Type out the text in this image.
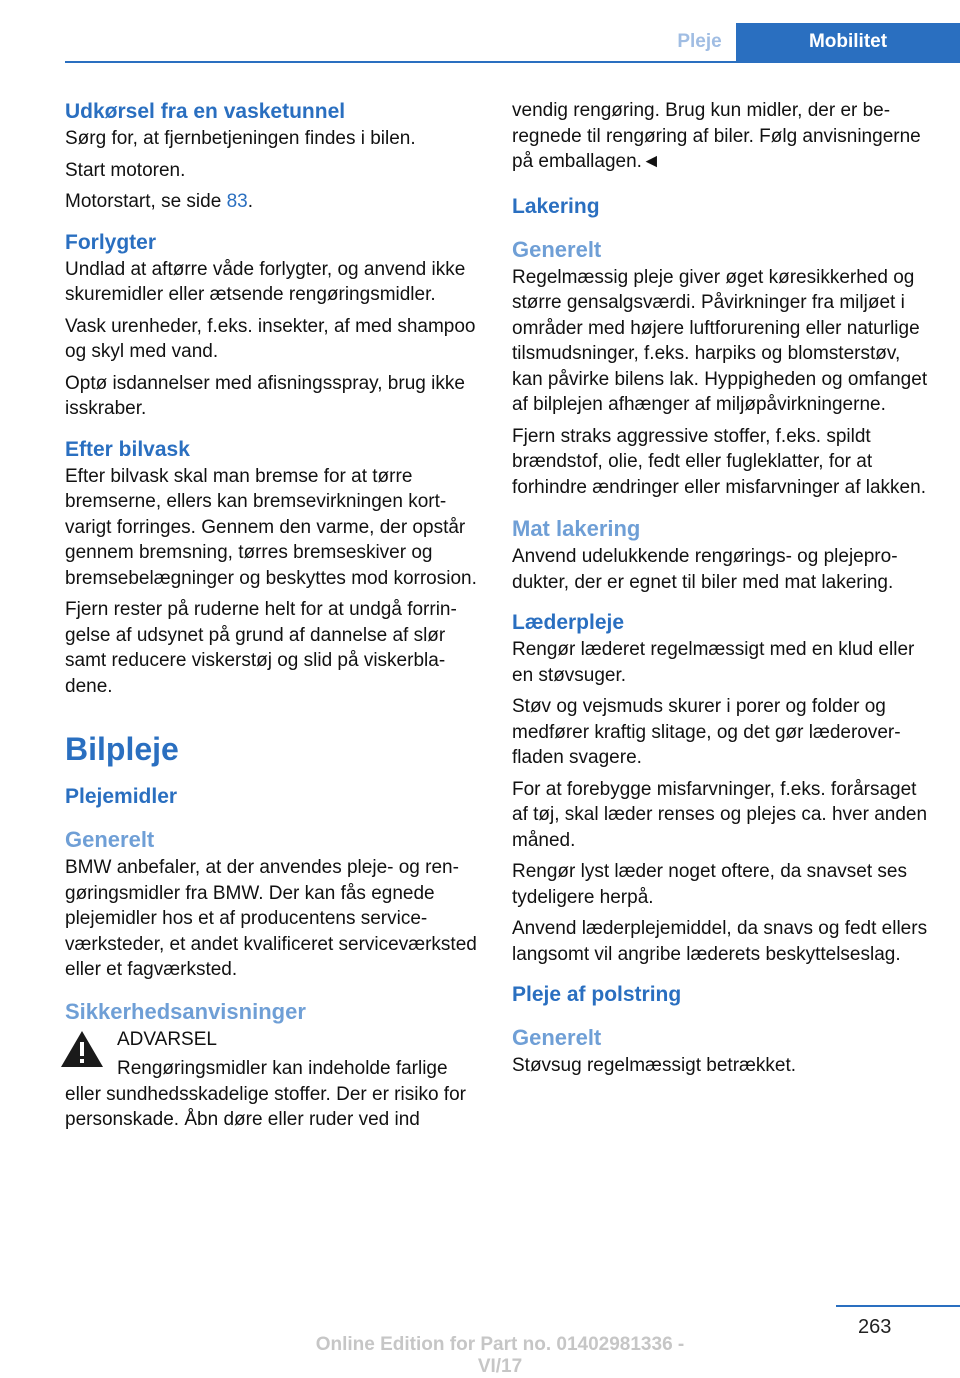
Pleje	Mobilitet
Udkørsel fra en vasketunnel

Sørg for, at fjernbetjeningen findes i bilen.

Start motoren.

Motorstart, se side 83.

Forlygter

Undlad at aftørre våde forlygter, og anvend ikke skuremidler eller ætsende rengøringsmidler.

Vask urenheder, f.eks. insekter, af med shampoo og skyl med vand.

Optø isdannelser med afisningsspray, brug ikke isskraber.

Efter bilvask

Efter bilvask skal man bremse for at tørre bremserne, ellers kan bremsevirkningen kortvarigt forringes. Gennem den varme, der opstår gennem bremsning, tørres bremseskiver og bremsebelægninger og beskyttes mod korrosion.

Fjern rester på ruderne helt for at undgå forringelse af udsynet på grund af dannelse af slør samt reducere viskerstøj og slid på viskerbladene.

Bilpleje
Plejemidler
Generelt

BMW anbefaler, at der anvendes pleje- og rengøringsmidler fra BMW. Der kan fås egnede plejemidler hos et af producentens serviceværksteder, et andet kvalificeret serviceværksted eller et fagværksted.

Sikkerhedsanvisninger

ADVARSEL

Rengøringsmidler kan indeholde farlige eller sundhedsskadelige stoffer. Der er risiko for personskade. Åbn døre eller ruder ved ind

vendig rengøring. Brug kun midler, der er beregnede til rengøring af biler. Følg anvisningerne på emballagen.◄

Lakering
Generelt

Regelmæssig pleje giver øget køresikkerhed og større gensalgsværdi. Påvirkninger fra miljøet i områder med højere luftforurening eller naturlige tilsmudsninger, f.eks. harpiks og blomsterstøv, kan påvirke bilens lak. Hyppigheden og omfanget af bilplejen afhænger af miljøpåvirkningerne.

Fjern straks aggressive stoffer, f.eks. spildt brændstof, olie, fedt eller fugleklatter, for at forhindre ændringer eller misfarvninger af lakken.

Mat lakering

Anvend udelukkende rengørings- og plejeprodukter, der er egnet til biler med mat lakering.

Læderpleje

Rengør læderet regelmæssigt med en klud eller en støvsuger.

Støv og vejsmuds skurer i porer og folder og medfører kraftig slitage, og det gør læderoverfladen svagere.

For at forebygge misfarvninger, f.eks. forårsaget af tøj, skal læder renses og plejes ca. hver anden måned.

Rengør lyst læder noget oftere, da snavset ses tydeligere herpå.

Anvend læderplejemiddel, da snavs og fedt ellers langsomt vil angribe læderets beskyttelseslag.

Pleje af polstring
Generelt

Støvsug regelmæssigt betrækket.

263
Online Edition for Part no. 01402981336 - VI/17
